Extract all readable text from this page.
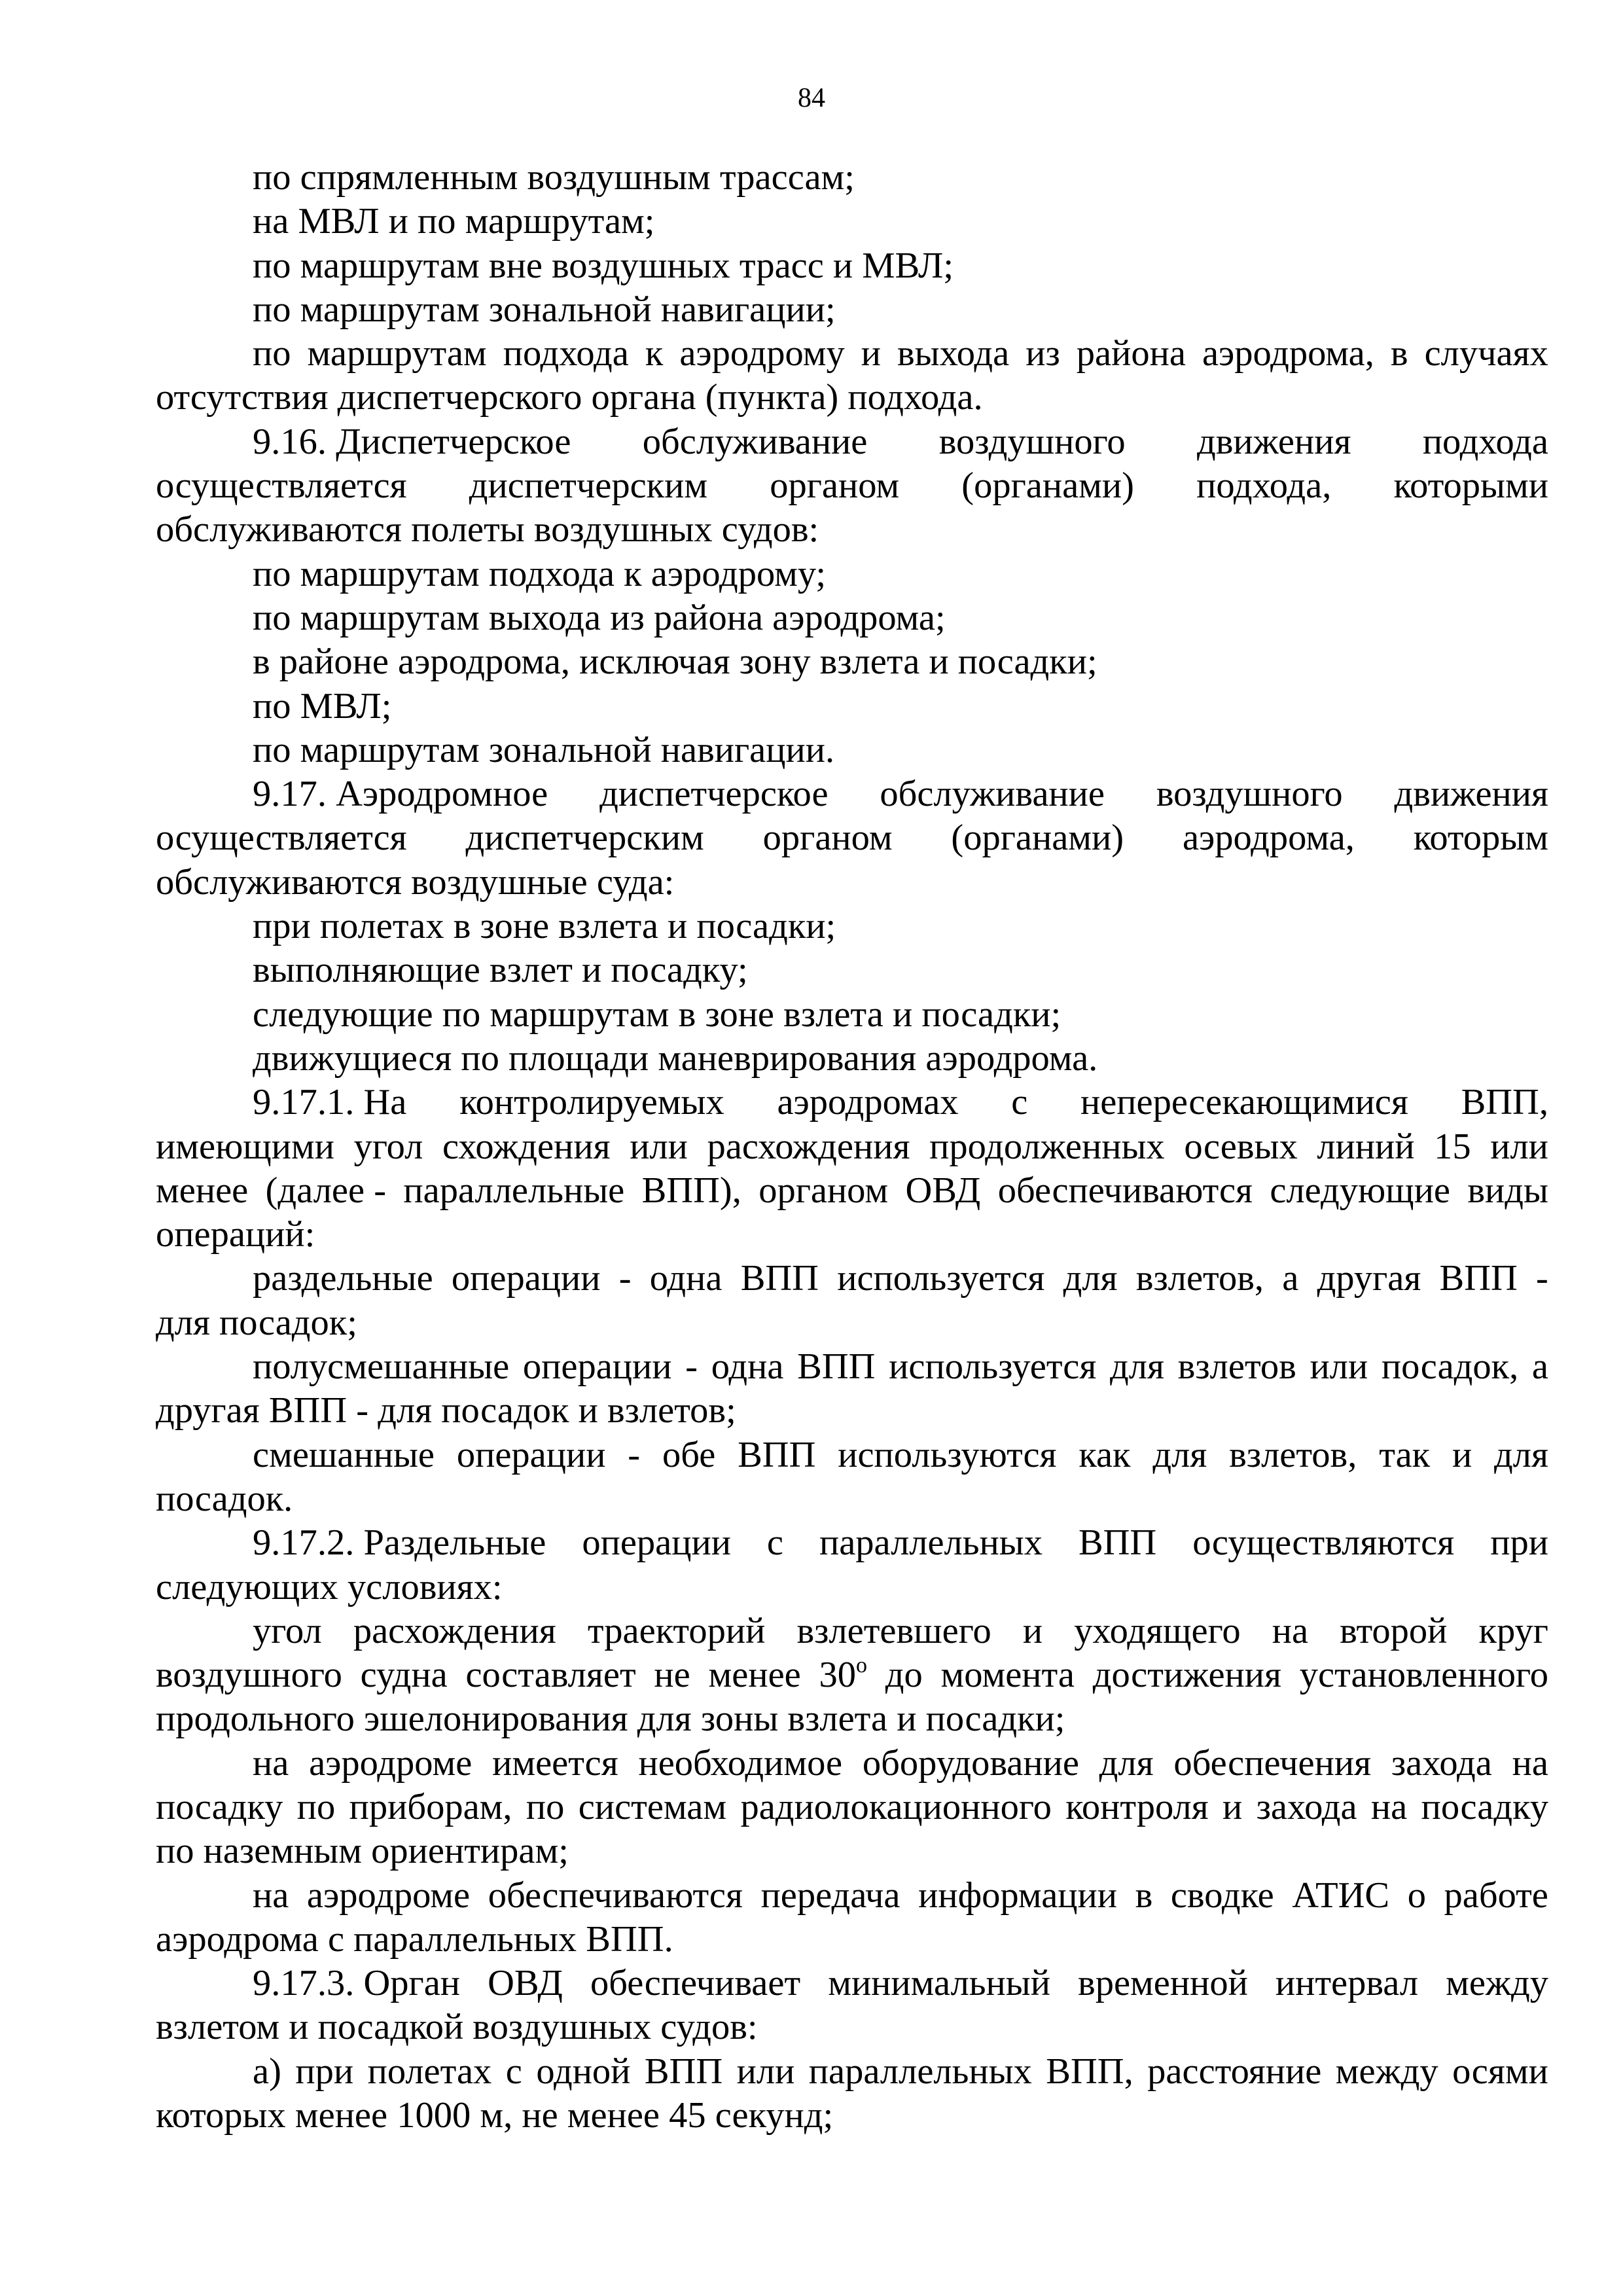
84
по спрямленным воздушным трассам;
на МВЛ и по маршрутам;
по маршрутам вне воздушных трасс и МВЛ;
по маршрутам зональной навигации;
по маршрутам подхода к аэродрому и выхода из района аэродрома, в случаях
отсутствия диспетчерского органа (пункта) подхода.
9.16. Диспетчерское обслуживание воздушного движения подхода
осуществляется диспетчерским органом (органами) подхода, которыми
обслуживаются полеты воздушных судов:
по маршрутам подхода к аэродрому;
по маршрутам выхода из района аэродрома;
в районе аэродрома, исключая зону взлета и посадки;
по МВЛ;
по маршрутам зональной навигации.
9.17. Аэродромное диспетчерское обслуживание воздушного движения
осуществляется диспетчерским органом (органами) аэродрома, которым
обслуживаются воздушные суда:
при полетах в зоне взлета и посадки;
выполняющие взлет и посадку;
следующие по маршрутам в зоне взлета и посадки;
движущиеся по площади маневрирования аэродрома.
9.17.1. На контролируемых аэродромах с непересекающимися ВПП,
имеющими угол схождения или расхождения продолженных осевых линий 15 или
менее (далее - параллельные ВПП), органом ОВД обеспечиваются следующие виды
операций:
раздельные операции - одна ВПП используется для взлетов, а другая ВПП -
для посадок;
полусмешанные операции - одна ВПП используется для взлетов или посадок, а
другая ВПП - для посадок и взлетов;
смешанные операции - обе ВПП используются как для взлетов, так и для
посадок.
9.17.2. Раздельные операции с параллельных ВПП осуществляются при
следующих условиях:
угол расхождения траекторий взлетевшего и уходящего на второй круг
воздушного судна составляет не менее 30$^o$ до момента достижения установленного
продольного эшелонирования для зоны взлета и посадки;
на аэродроме имеется необходимое оборудование для обеспечения захода на
посадку по приборам, по системам радиолокационного контроля и захода на посадку
по наземным ориентирам;
на аэродроме обеспечиваются передача информации в сводке АТИС о работе
аэродрома с параллельных ВПП.
9.17.3. Орган ОВД обеспечивает минимальный временной интервал между
взлетом и посадкой воздушных судов:
а) при полетах с одной ВПП или параллельных ВПП, расстояние между осями
которых менее 1000 м, не менее 45 секунд;
